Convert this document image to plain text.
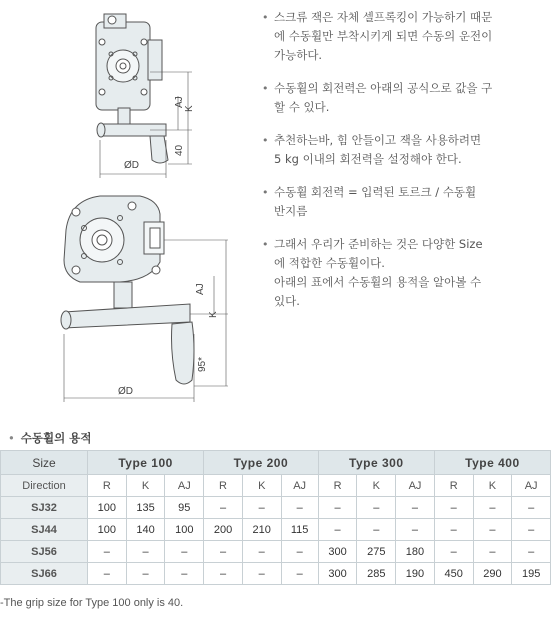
AJ
K
40
ØD
AJ
K
95*
ØD
• 스크류 잭은 자체 셀프록킹이 가능하기 때문

에 수동휠만 부착시키게 되면 수동의 운전이

가능하다.

• 수동휠의 회전력은 아래의 공식으로 값을 구

할 수 있다.

• 추천하는바, 힘 안들이고 잭을 사용하려면

5 kg 이내의 회전력을 설정해야 한다.

• 수동휠 회전력 = 입력된 토르크 / 수동휠

반지름

• 그래서 우리가 준비하는 것은 다양한 Size

에 적합한 수동휠이다.

아래의 표에서 수동휠의 용적을 알아볼 수

있다.

• 수동휠의 용적
Size	Type 100			Type 200			Type 300			Type 400		
Direction	R	K	AJ	R	K	AJ	R	K	AJ	R	K	AJ
SJ32	100	135	95	–	–	–	–	–	–	–	–	–
SJ44	100	140	100	200	210	115	–	–	–	–	–	–
SJ56	–	–	–	–	–	–	300	275	180	–	–	–
SJ66	–	–	–	–	–	–	300	285	190	450	290	195
-The grip size for Type 100 only is 40.
